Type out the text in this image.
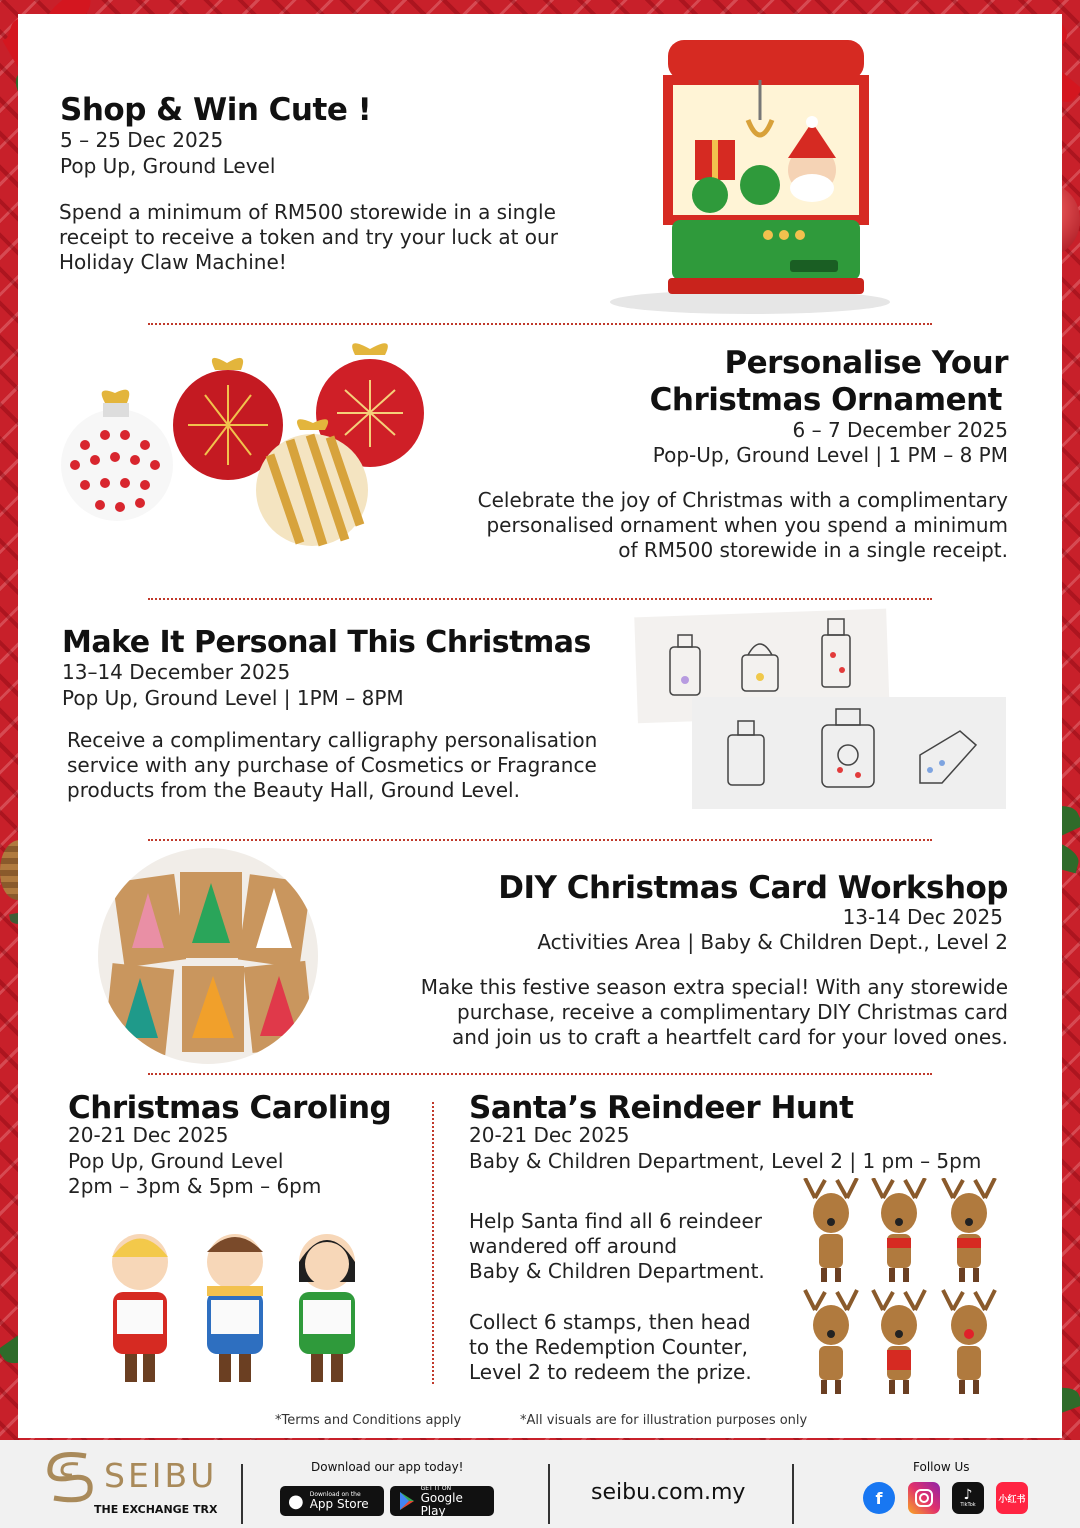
Shop & Win Cute !
5 – 25 Dec 2025
Pop Up, Ground Level
Spend a minimum of RM500 storewide in a single
receipt to receive a token and try your luck at our
Holiday Claw Machine!
Personalise Your
Christmas Ornament
6 – 7 December 2025
Pop-Up, Ground Level | 1 PM – 8 PM
Celebrate the joy of Christmas with a complimentary
personalised ornament when you spend a minimum
of RM500 storewide in a single receipt.
Make It Personal This Christmas
13–14 December 2025
Pop Up, Ground Level | 1PM – 8PM
Receive a complimentary calligraphy personalisation
service with any purchase of Cosmetics or Fragrance
products from the Beauty Hall, Ground Level.
DIY Christmas Card Workshop
13-14 Dec 2025
Activities Area | Baby & Children Dept., Level 2
Make this festive season extra special! With any storewide
purchase, receive a complimentary DIY Christmas card
and join us to craft a heartfelt card for your loved ones.
Christmas Caroling
20-21 Dec 2025
Pop Up, Ground Level
2pm – 3pm & 5pm – 6pm
Santa’s Reindeer Hunt
20-21 Dec 2025
Baby & Children Department, Level 2 | 1 pm – 5pm
Help Santa find all 6 reindeer
wandered off around
Baby & Children Department.
Collect 6 stamps, then head
to the Redemption Counter,
Level 2 to redeem the prize.
*Terms and Conditions apply	*All visuals are for illustration purposes only
SEIBU
THE EXCHANGE TRX
Download our app today!
● Download on the
App Store
GET IT ON
Google Play
seibu.com.my
Follow Us
f	♪
TikTok
小红书
